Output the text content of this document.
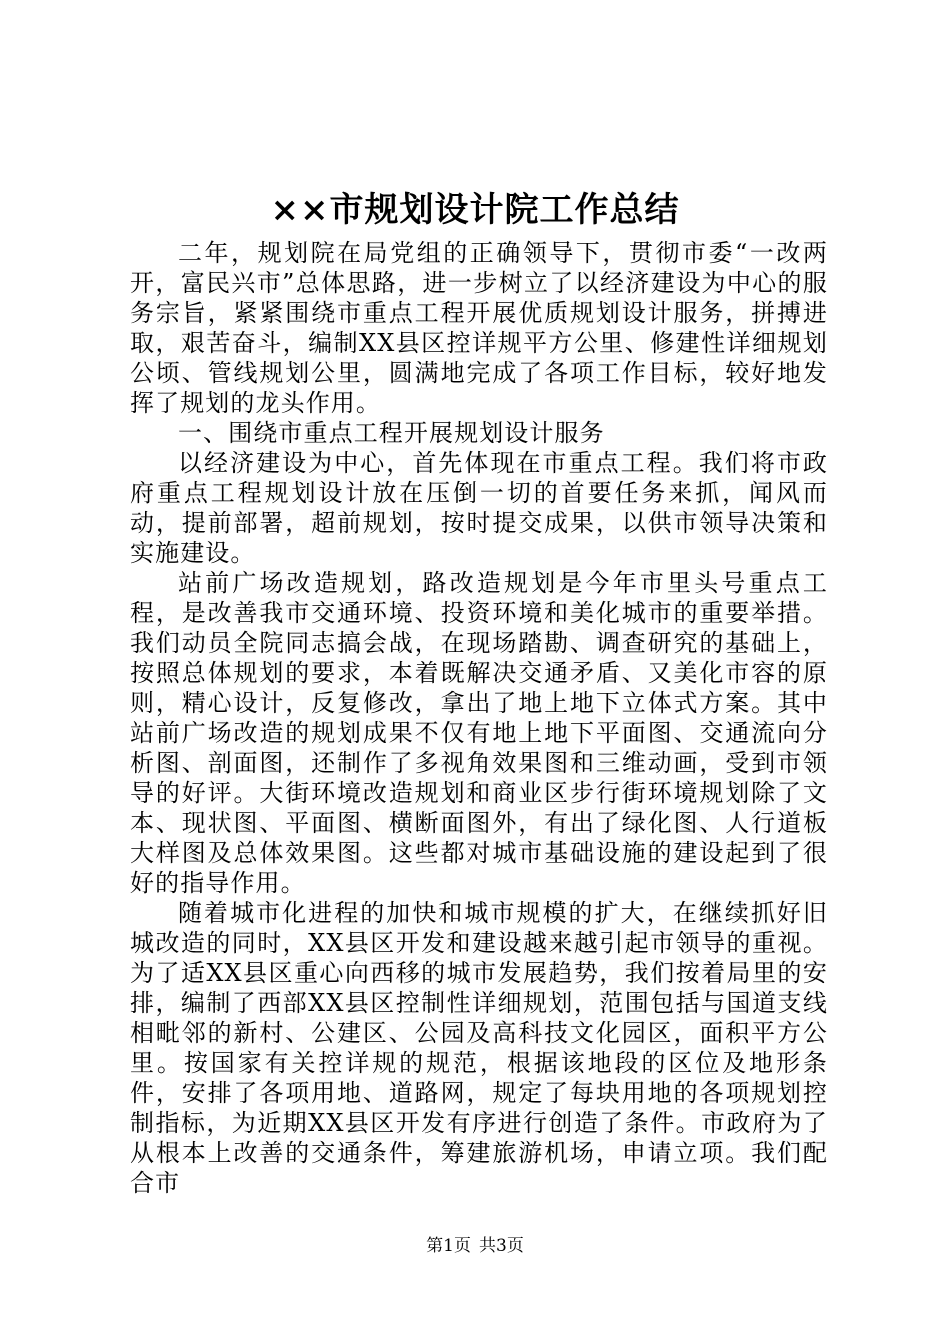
××市规划设计院工作总结

二年，规划院在局党组的正确领导下，贯彻市委“一改两开，富民兴市”总体思路，进一步树立了以经济建设为中心的服务宗旨，紧紧围绕市重点工程开展优质规划设计服务，拼搏进取，艰苦奋斗，编制XX县区控详规平方公里、修建性详细规划公顷、管线规划公里，圆满地完成了各项工作目标，较好地发挥了规划的龙头作用。

一、围绕市重点工程开展规划设计服务

以经济建设为中心，首先体现在市重点工程。我们将市政府重点工程规划设计放在压倒一切的首要任务来抓，闻风而动，提前部署，超前规划，按时提交成果，以供市领导决策和实施建设。

站前广场改造规划，路改造规划是今年市里头号重点工程，是改善我市交通环境、投资环境和美化城市的重要举措。我们动员全院同志搞会战，在现场踏勘、调查研究的基础上，按照总体规划的要求，本着既解决交通矛盾、又美化市容的原则，精心设计，反复修改，拿出了地上地下立体式方案。其中站前广场改造的规划成果不仅有地上地下平面图、交通流向分析图、剖面图，还制作了多视角效果图和三维动画，受到市领导的好评。大街环境改造规划和商业区步行街环境规划除了文本、现状图、平面图、横断面图外，有出了绿化图、人行道板大样图及总体效果图。这些都对城市基础设施的建设起到了很好的指导作用。

随着城市化进程的加快和城市规模的扩大，在继续抓好旧城改造的同时，XX县区开发和建设越来越引起市领导的重视。为了适XX县区重心向西移的城市发展趋势，我们按着局里的安排，编制了西部XX县区控制性详细规划，范围包括与国道支线相毗邻的新村、公建区、公园及高科技文化园区，面积平方公里。按国家有关控详规的规范，根据该地段的区位及地形条件，安排了各项用地、道路网，规定了每块用地的各项规划控制指标，为近期XX县区开发有序进行创造了条件。市政府为了从根本上改善的交通条件，筹建旅游机场，申请立项。我们配合市

第1页 共3页
